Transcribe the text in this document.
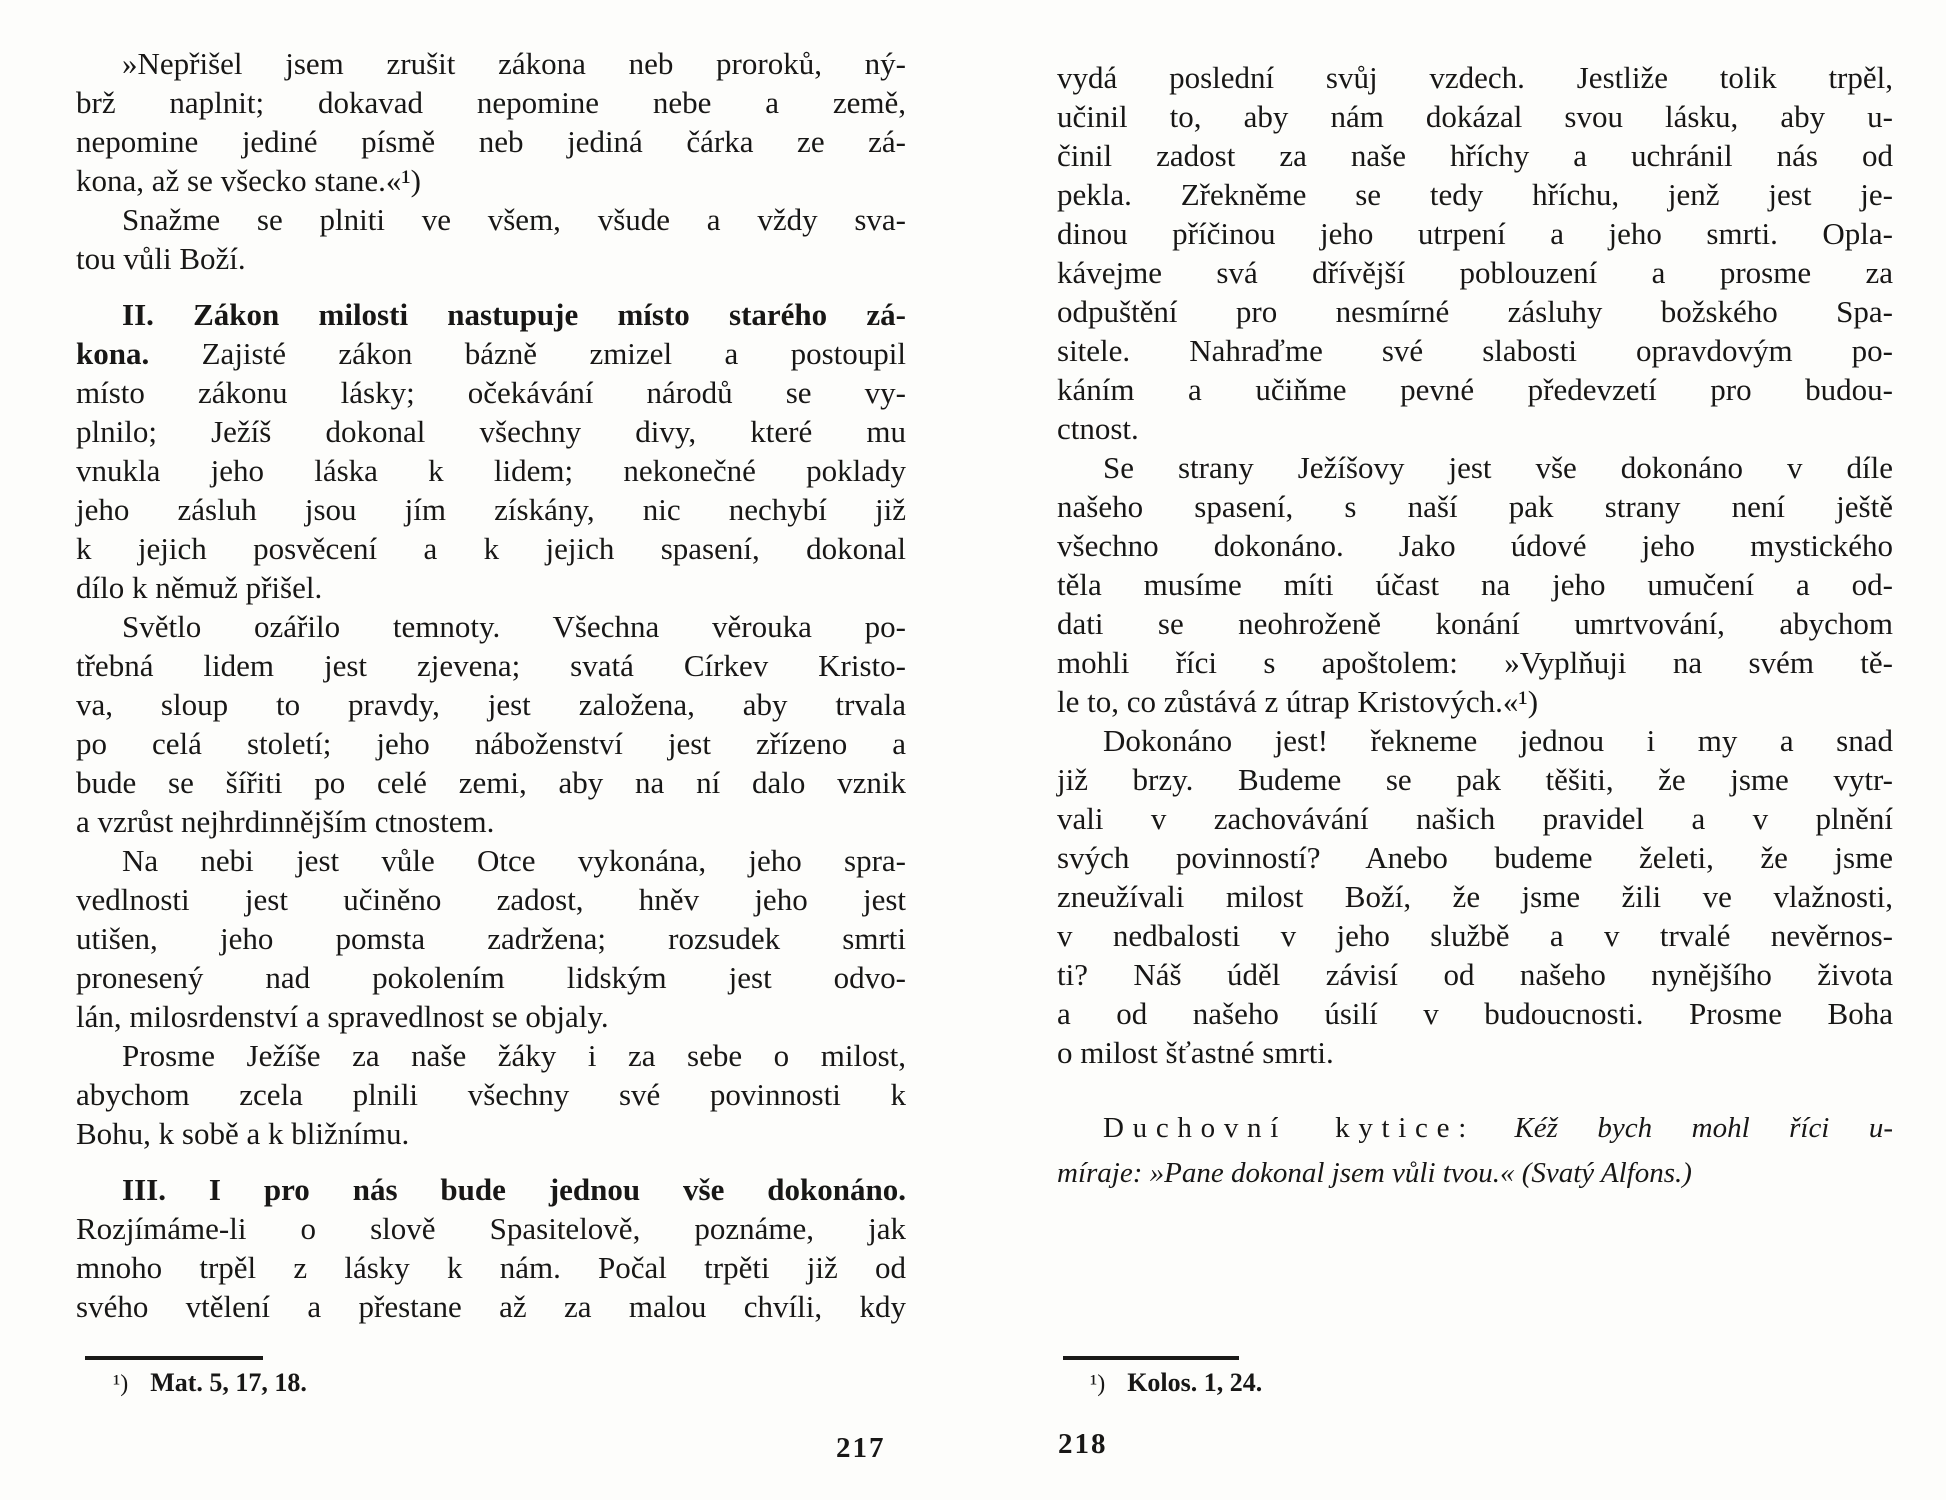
»Nepřišel jsem zrušit zákona neb proroků, ný-
brž naplnit; dokavad nepomine nebe a země,
nepomine jediné písmě neb jediná čárka ze zá-
kona, až se všecko stane.«¹)
Snažme se plniti ve všem, všude a vždy sva-
tou vůli Boží.
II. Zákon milosti nastupuje místo starého zá-
kona. Zajisté zákon bázně zmizel a postoupil
místo zákonu lásky; očekávání národů se vy-
plnilo; Ježíš dokonal všechny divy, které mu
vnukla jeho láska k lidem; nekonečné poklady
jeho zásluh jsou jím získány, nic nechybí již
k jejich posvěcení a k jejich spasení, dokonal
dílo k němuž přišel.
Světlo ozářilo temnoty. Všechna věrouka po-
třebná lidem jest zjevena; svatá Církev Kristo-
va, sloup to pravdy, jest založena, aby trvala
po celá století; jeho náboženství jest zřízeno a
bude se šířiti po celé zemi, aby na ní dalo vznik
a vzrůst nejhrdinnějším ctnostem.
Na nebi jest vůle Otce vykonána, jeho spra-
vedlnosti jest učiněno zadost, hněv jeho jest
utišen, jeho pomsta zadržena; rozsudek smrti
pronesený nad pokolením lidským jest odvo-
lán, milosrdenství a spravedlnost se objaly.
Prosme Ježíše za naše žáky i za sebe o milost,
abychom zcela plnili všechny své povinnosti k
Bohu, k sobě a k bližnímu.
III. I pro nás bude jednou vše dokonáno.
Rozjímáme-li o slově Spasitelově, poznáme, jak
mnoho trpěl z lásky k nám. Počal trpěti již od
svého vtělení a přestane až za malou chvíli, kdy
vydá poslední svůj vzdech. Jestliže tolik trpěl,
učinil to, aby nám dokázal svou lásku, aby u-
činil zadost za naše hříchy a uchránil nás od
pekla. Zřekněme se tedy hříchu, jenž jest je-
dinou příčinou jeho utrpení a jeho smrti. Opla-
kávejme svá dřívější poblouzení a prosme za
odpuštění pro nesmírné zásluhy božského Spa-
sitele. Nahraďme své slabosti opravdovým po-
káním a učiňme pevné předevzetí pro budou-
ctnost.
Se strany Ježíšovy jest vše dokonáno v díle
našeho spasení, s naší pak strany není ještě
všechno dokonáno. Jako údové jeho mystického
těla musíme míti účast na jeho umučení a od-
dati se neohroženě konání umrtvování, abychom
mohli říci s apoštolem: »Vyplňuji na svém tě-
le to, co zůstává z útrap Kristových.«¹)
Dokonáno jest! řekneme jednou i my a snad
již brzy. Budeme se pak těšiti, že jsme vytr-
vali v zachovávání našich pravidel a v plnění
svých povinností? Anebo budeme želeti, že jsme
zneužívali milost Boží, že jsme žili ve vlažnosti,
v nedbalosti v jeho službě a v trvalé nevěrnos-
ti? Náš úděl závisí od našeho nynějšího života
a od našeho úsilí v budoucnosti. Prosme Boha
o milost šťastné smrti.
Duchovní kytice: Kéž bych mohl říci u-
míraje: »Pane dokonal jsem vůli tvou.« (Svatý Alfons.)
¹) Mat. 5, 17, 18.
217
¹) Kolos. 1, 24.
218
